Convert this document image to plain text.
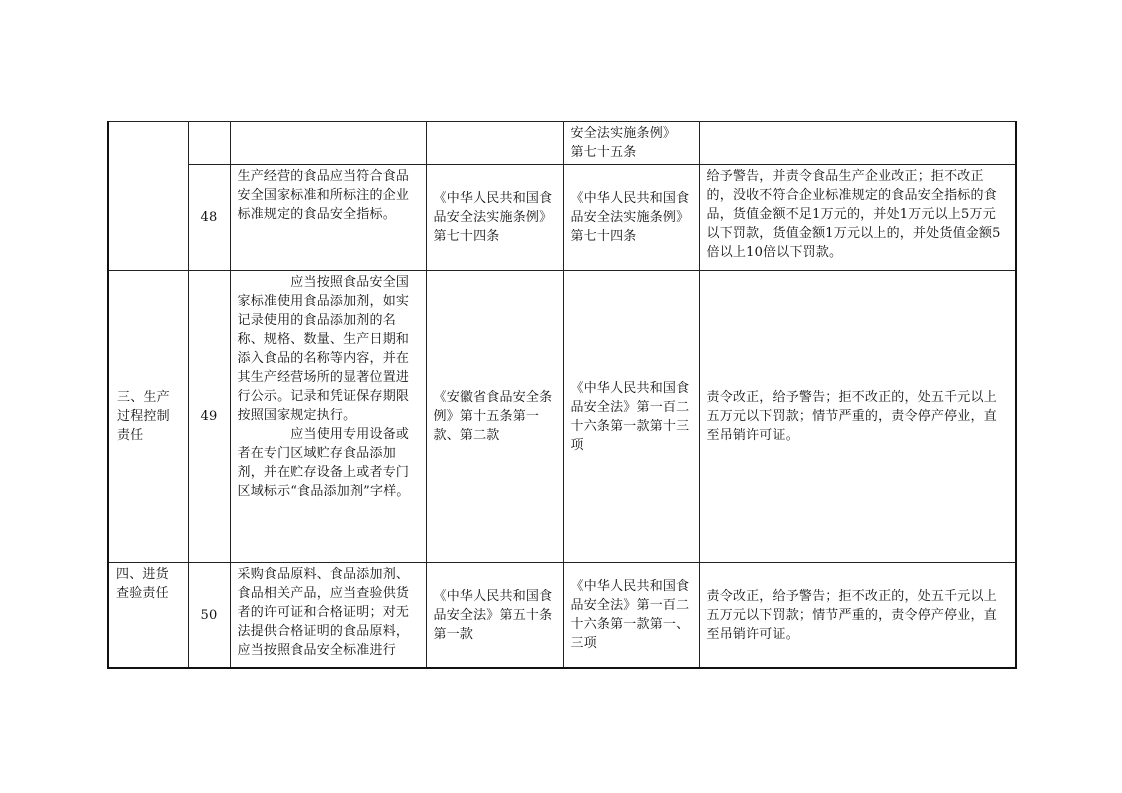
				安全法实施条例》
第七十五条	
	48	生产经营的食品应当符合食品安全国家标准和所标注的企业标准规定的食品安全指标。	《中华人民共和国食品安全法实施条例》第七十四条	《中华人民共和国食品安全法实施条例》第七十四条	给予警告，并责令食品生产企业改正；拒不改正的，没收不符合企业标准规定的食品安全指标的食品，货值金额不足1万元的，并处1万元以上5万元以下罚款，货值金额1万元以上的，并处货值金额5倍以上10倍以下罚款。
三、生产过程控制责任	49	　　　　应当按照食品安全国家标准使用食品添加剂，如实记录使用的食品添加剂的名称、规格、数量、生产日期和添入食品的名称等内容，并在其生产经营场所的显著位置进行公示。记录和凭证保存期限按照国家规定执行。
　　　　应当使用专用设备或者在专门区域贮存食品添加剂，并在贮存设备上或者专门区域标示“食品添加剂”字样。	《安徽省食品安全条例》第十五条第一款、第二款	《中华人民共和国食品安全法》第一百二十六条第一款第十三项	责令改正，给予警告；拒不改正的，处五千元以上五万元以下罚款；情节严重的，责令停产停业，直至吊销许可证。
四、进货查验责任	50	采购食品原料、食品添加剂、食品相关产品，应当查验供货者的许可证和合格证明；对无法提供合格证明的食品原料，应当按照食品安全标准进行	《中华人民共和国食品安全法》第五十条第一款	《中华人民共和国食品安全法》第一百二十六条第一款第一、三项	责令改正，给予警告；拒不改正的，处五千元以上五万元以下罚款；情节严重的，责令停产停业，直至吊销许可证。
